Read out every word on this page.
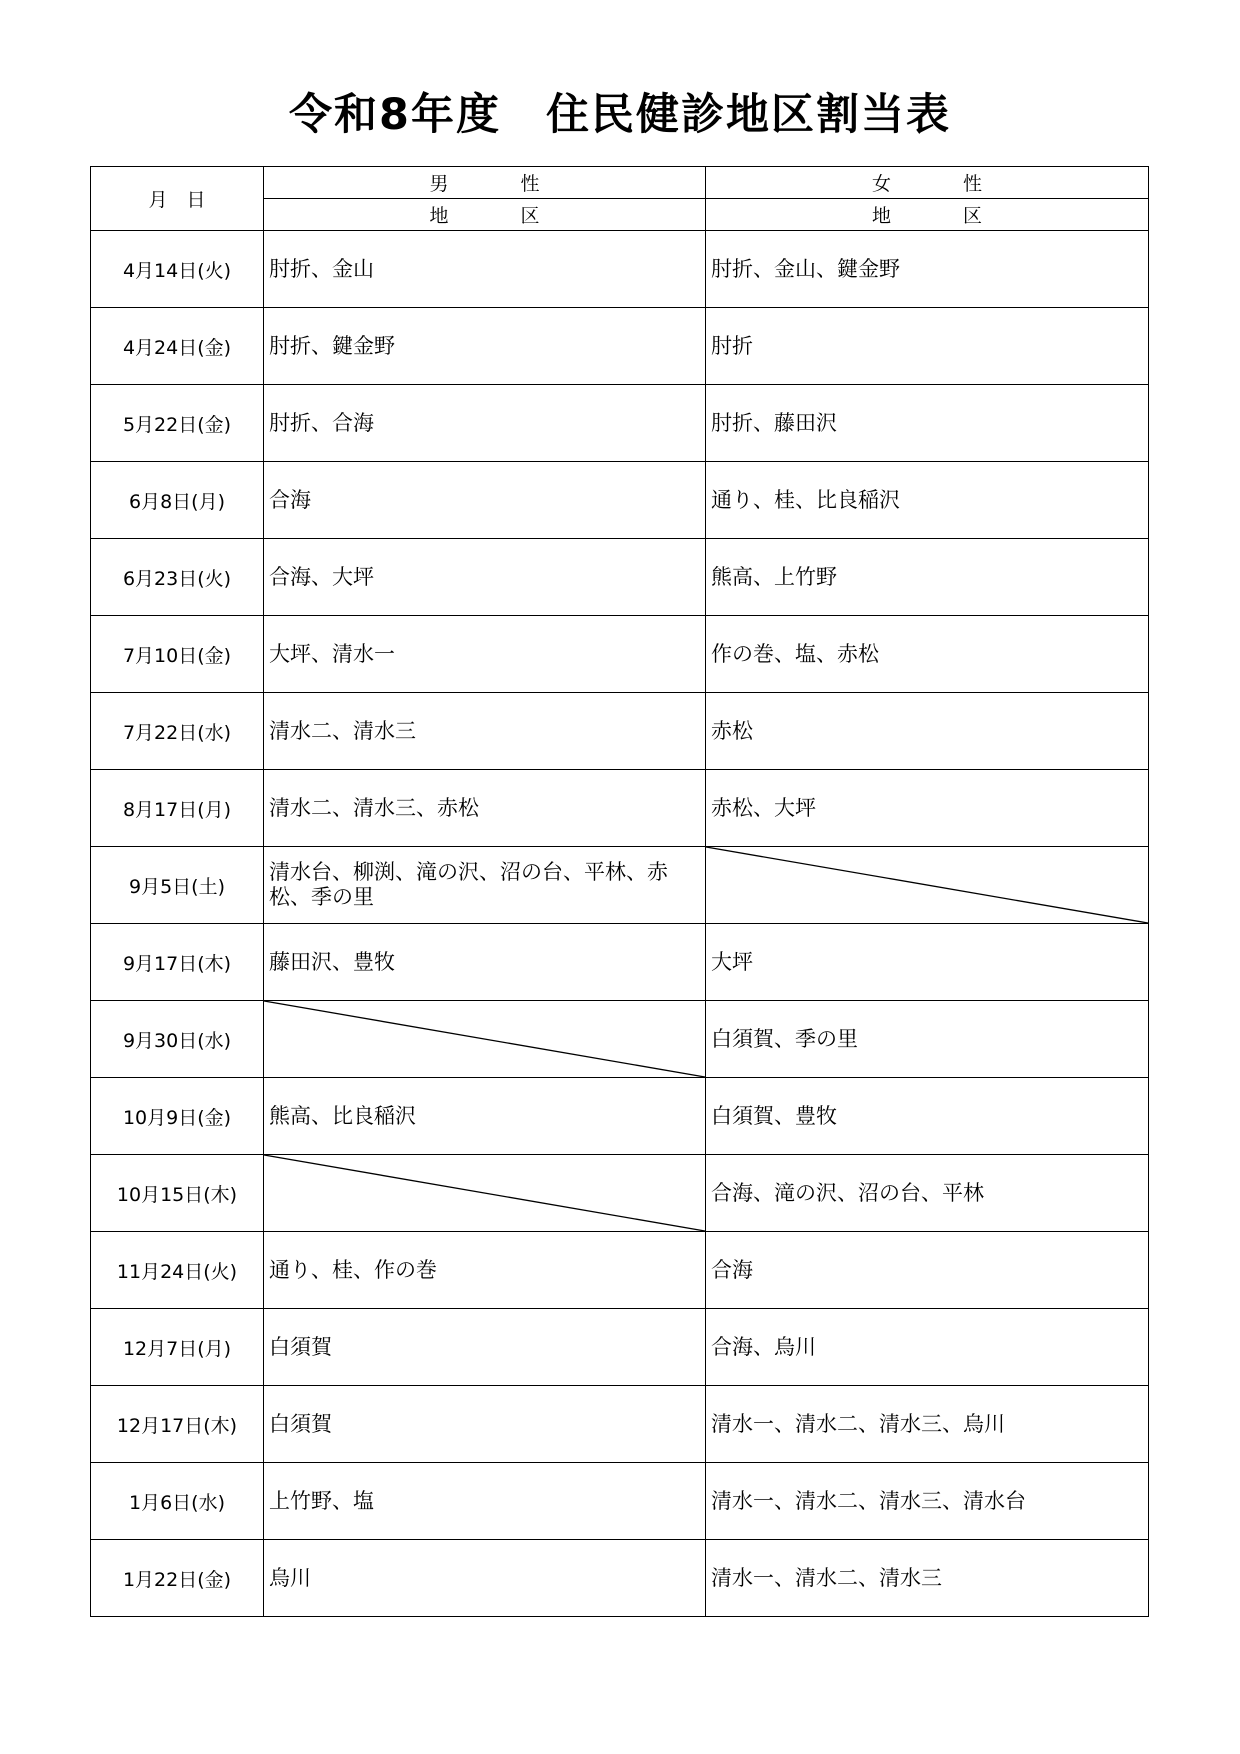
令和8年度　住民健診地区割当表
月　日	男 性	女 性
	地 区	地 区
4月14日(火)	肘折、金山	肘折、金山、鍵金野
4月24日(金)	肘折、鍵金野	肘折
5月22日(金)	肘折、合海	肘折、藤田沢
6月8日(月)	合海	通り、桂、比良稲沢
6月23日(火)	合海、大坪	熊高、上竹野
7月10日(金)	大坪、清水一	作の巻、塩、赤松
7月22日(水)	清水二、清水三	赤松
8月17日(月)	清水二、清水三、赤松	赤松、大坪
9月5日(土)	清水台、柳渕、滝の沢、沼の台、平林、赤松、季の里	

9月17日(木)	藤田沢、豊牧	大坪
9月30日(水)		白須賀、季の里
10月9日(金)	熊高、比良稲沢	白須賀、豊牧
10月15日(木)		合海、滝の沢、沼の台、平林
11月24日(火)	通り、桂、作の巻	合海
12月7日(月)	白須賀	合海、烏川
12月17日(木)	白須賀	清水一、清水二、清水三、烏川
1月6日(水)	上竹野、塩	清水一、清水二、清水三、清水台
1月22日(金)	烏川	清水一、清水二、清水三
